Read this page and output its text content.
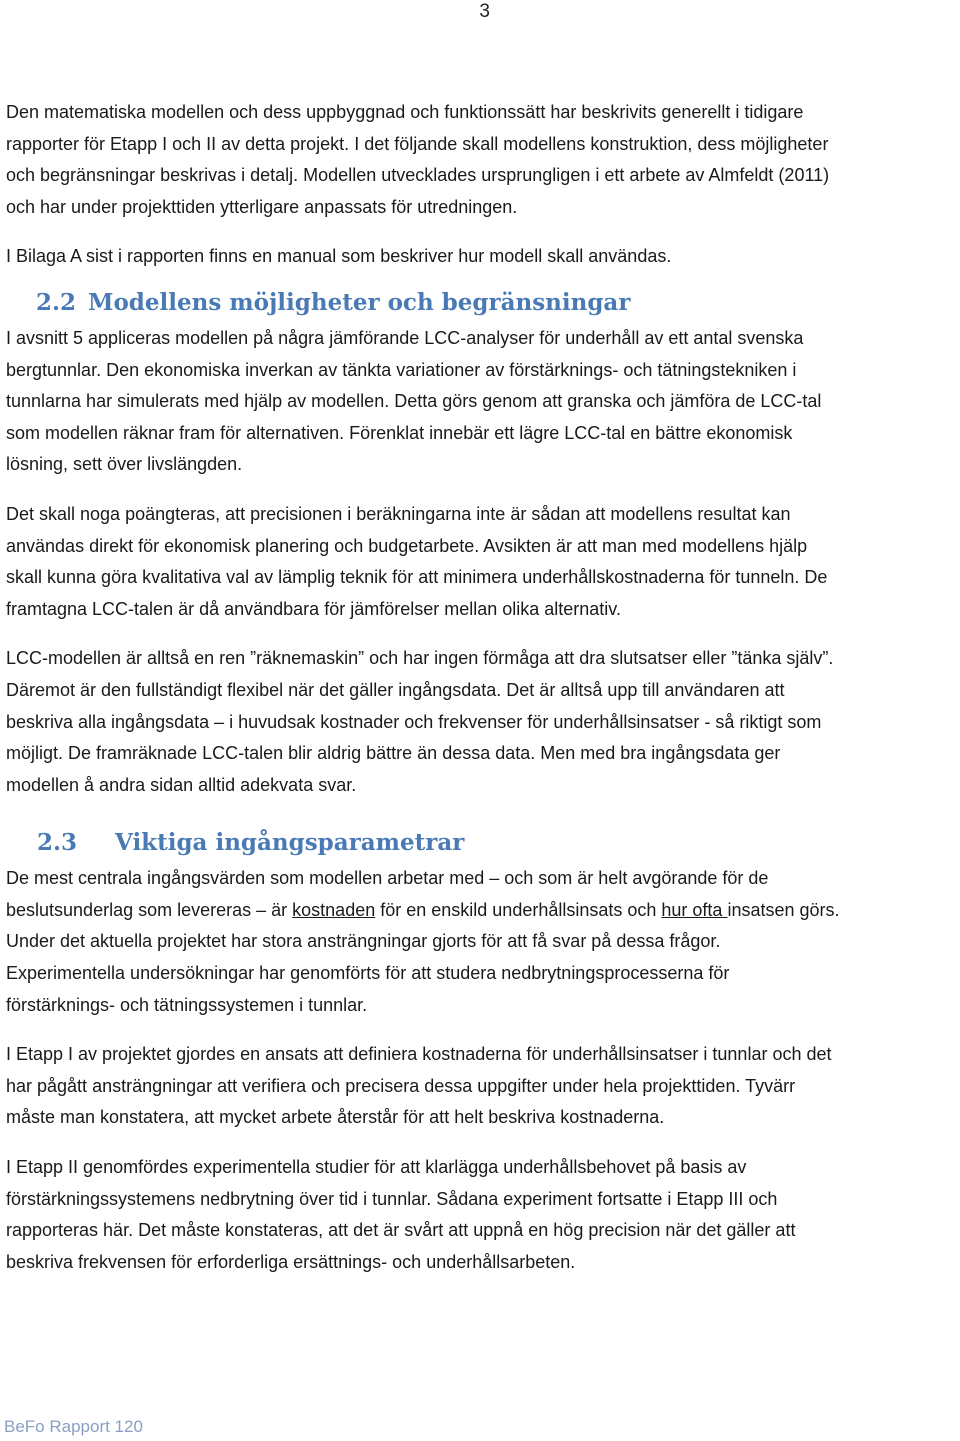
3

Den matematiska modellen och dess uppbyggnad och funktionssätt har beskrivits generellt i tidigare
rapporter för Etapp I och II av detta projekt. I det följande skall modellens konstruktion, dess möjligheter
och begränsningar beskrivas i detalj. Modellen utvecklades ursprungligen i ett arbete av Almfeldt (2011)
och har under projekttiden ytterligare anpassats för utredningen.

I Bilaga A sist i rapporten finns en manual som beskriver hur modell skall användas.

2.2 Modellens möjligheter och begränsningar

I avsnitt 5 appliceras modellen på några jämförande LCC-analyser för underhåll av ett antal svenska
bergtunnlar. Den ekonomiska inverkan av tänkta variationer av förstärknings- och tätningstekniken i
tunnlarna har simulerats med hjälp av modellen. Detta görs genom att granska och jämföra de LCC-tal
som modellen räknar fram för alternativen. Förenklat innebär ett lägre LCC-tal en bättre ekonomisk
lösning, sett över livslängden.

Det skall noga poängteras, att precisionen i beräkningarna inte är sådan att modellens resultat kan
användas direkt för ekonomisk planering och budgetarbete. Avsikten är att man med modellens hjälp
skall kunna göra kvalitativa val av lämplig teknik för att minimera underhållskostnaderna för tunneln. De
framtagna LCC-talen är då användbara för jämförelser mellan olika alternativ.

LCC-modellen är alltså en ren ”räknemaskin” och har ingen förmåga att dra slutsatser eller ”tänka själv”.
Däremot är den fullständigt flexibel när det gäller ingångsdata. Det är alltså upp till användaren att
beskriva alla ingångsdata – i huvudsak kostnader och frekvenser för underhållsinsatser - så riktigt som
möjligt. De framräknade LCC-talen blir aldrig bättre än dessa data. Men med bra ingångsdata ger
modellen å andra sidan alltid adekvata svar.

2.3 Viktiga ingångsparametrar

De mest centrala ingångsvärden som modellen arbetar med – och som är helt avgörande för de
beslutsunderlag som levereras – är kostnaden för en enskild underhållsinsats och hur ofta insatsen görs.
Under det aktuella projektet har stora ansträngningar gjorts för att få svar på dessa frågor.
Experimentella undersökningar har genomförts för att studera nedbrytningsprocesserna för
förstärknings- och tätningssystemen i tunnlar.

I Etapp I av projektet gjordes en ansats att definiera kostnaderna för underhållsinsatser i tunnlar och det
har pågått ansträngningar att verifiera och precisera dessa uppgifter under hela projekttiden. Tyvärr
måste man konstatera, att mycket arbete återstår för att helt beskriva kostnaderna.

I Etapp II genomfördes experimentella studier för att klarlägga underhållsbehovet på basis av
förstärkningssystemens nedbrytning över tid i tunnlar. Sådana experiment fortsatte i Etapp III och
rapporteras här. Det måste konstateras, att det är svårt att uppnå en hög precision när det gäller att
beskriva frekvensen för erforderliga ersättnings- och underhållsarbeten.

BeFo Rapport 120
